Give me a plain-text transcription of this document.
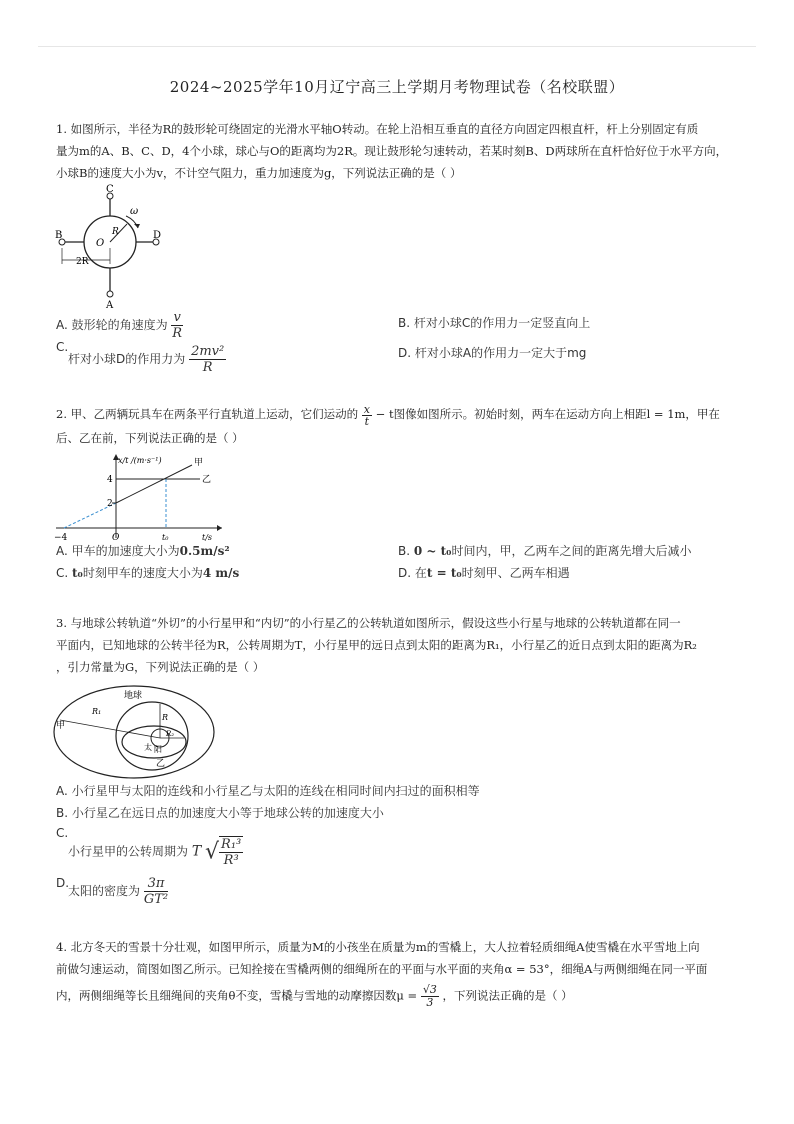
2024~2025学年10月辽宁高三上学期月考物理试卷（名校联盟）
1. 如图所示，半径为R的鼓形轮可绕固定的光滑水平轴O转动。在轮上沿相互垂直的直径方向固定四根直杆，杆上分别固定有质
量为m的A、B、C、D，4个小球，球心与O的距离均为2R。现让鼓形轮匀速转动，若某时刻B、D两球所在直杆恰好位于水平方向，
小球B的速度大小为v，不计空气阻力，重力加速度为g，下列说法正确的是（ ）
C
A
B	D
O
R
ω
2R
A. 鼓形轮的角速度为 $\frac{v}{R}$	B. 杆对小球C的作用力一定竖直向上
C.
杆对小球D的作用力为 $\frac{\text{2mv²}}{R}$	D. 杆对小球A的作用力一定大于mg
2. 甲、乙两辆玩具车在两条平行直轨道上运动，它们运动的 $\frac{x}{t} - t$图像如图所示。初始时刻，两车在运动方向上相距l = 1m，甲在
后、乙在前，下列说法正确的是（ ）
x/t /(m·s⁻¹)
t/s
4
2
−4	O	t₀
甲
乙
A. 甲车的加速度大小为0.5m/s²	B. 0 ~ t₀时间内，甲，乙两车之间的距离先增大后减小
C. t₀时刻甲车的速度大小为4 m/s	D. 在t = t₀时刻甲、乙两车相遇
3. 与地球公转轨道“外切”的小行星甲和“内切”的小行星乙的公转轨道如图所示，假设这些小行星与地球的公转轨道都在同一
平面内，已知地球的公转半径为R，公转周期为T，小行星甲的远日点到太阳的距离为R₁，小行星乙的近日点到太阳的距离为R₂
，引力常量为G，下列说法正确的是（ ）
地球
甲
乙
太 阳
R₁
R
R₂
A. 小行星甲与太阳的连线和小行星乙与太阳的连线在相同时间内扫过的面积相等
B. 小行星乙在远日点的加速度大小等于地球公转的加速度大小
C.
小行星甲的公转周期为 T √ $\frac{\text{R₁³}}{\text{R³}}$
D.
太阳的密度为 $\frac{3\pi}{\text{GT²}}$
4. 北方冬天的雪景十分壮观，如图甲所示，质量为M的小孩坐在质量为m的雪橇上，大人拉着轻质细绳A使雪橇在水平雪地上向
前做匀速运动，简图如图乙所示。已知拴接在雪橇两侧的细绳所在的平面与水平面的夹角α = 53°，细绳A与两侧细绳在同一平面
内，两侧细绳等长且细绳间的夹角θ不变，雪橇与雪地的动摩擦因数$\mu = \frac{√3}{3}$ ，下列说法正确的是（ ）
